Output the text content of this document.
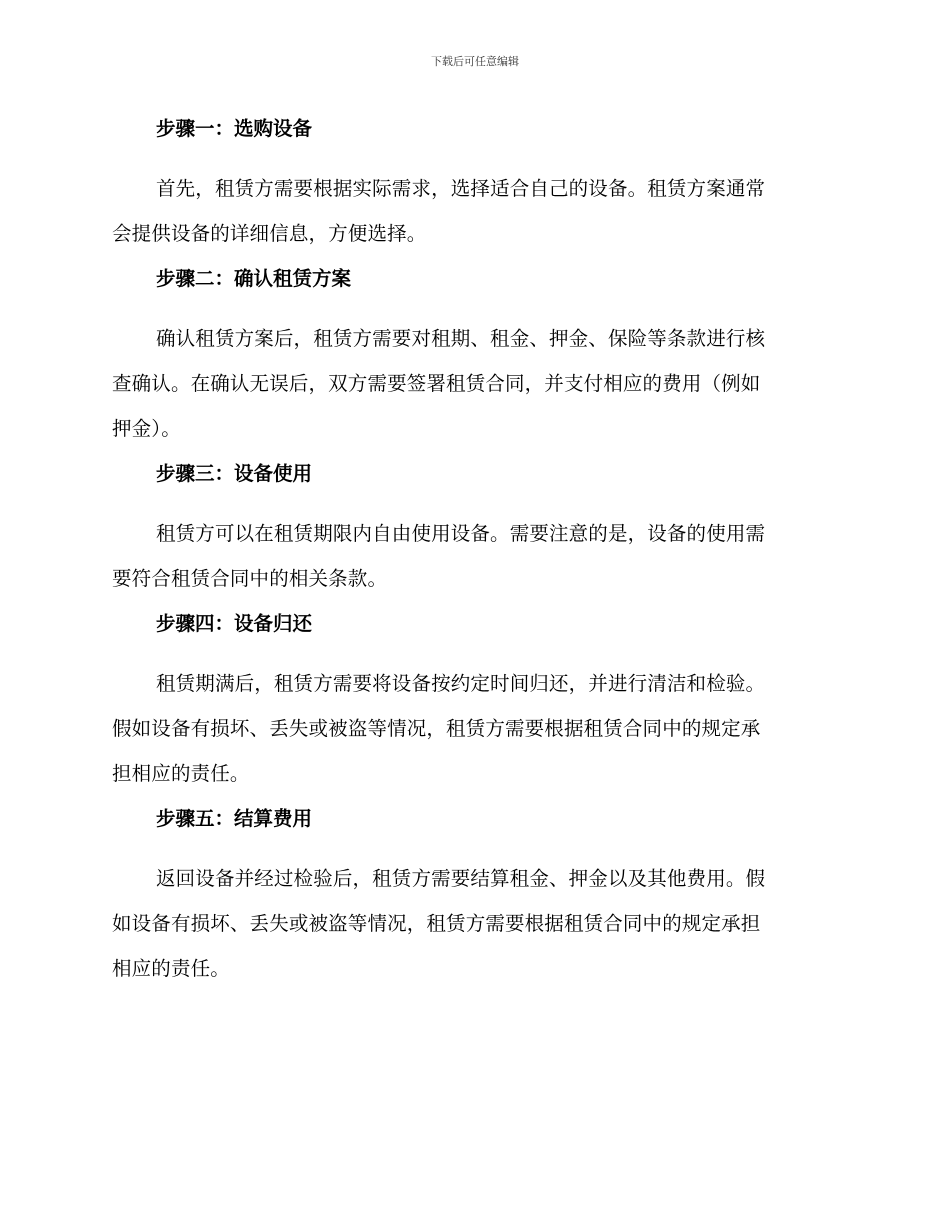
下载后可任意编辑

步骤一：选购设备

首先，租赁方需要根据实际需求，选择适合自己的设备。租赁方案通常
会提供设备的详细信息，方便选择。

步骤二：确认租赁方案

确认租赁方案后，租赁方需要对租期、租金、押金、保险等条款进行核
查确认。在确认无误后，双方需要签署租赁合同，并支付相应的费用（例如
押金）。

步骤三：设备使用

租赁方可以在租赁期限内自由使用设备。需要注意的是，设备的使用需
要符合租赁合同中的相关条款。

步骤四：设备归还

租赁期满后，租赁方需要将设备按约定时间归还，并进行清洁和检验。
假如设备有损坏、丢失或被盗等情况，租赁方需要根据租赁合同中的规定承
担相应的责任。

步骤五：结算费用

返回设备并经过检验后，租赁方需要结算租金、押金以及其他费用。假
如设备有损坏、丢失或被盗等情况，租赁方需要根据租赁合同中的规定承担
相应的责任。
